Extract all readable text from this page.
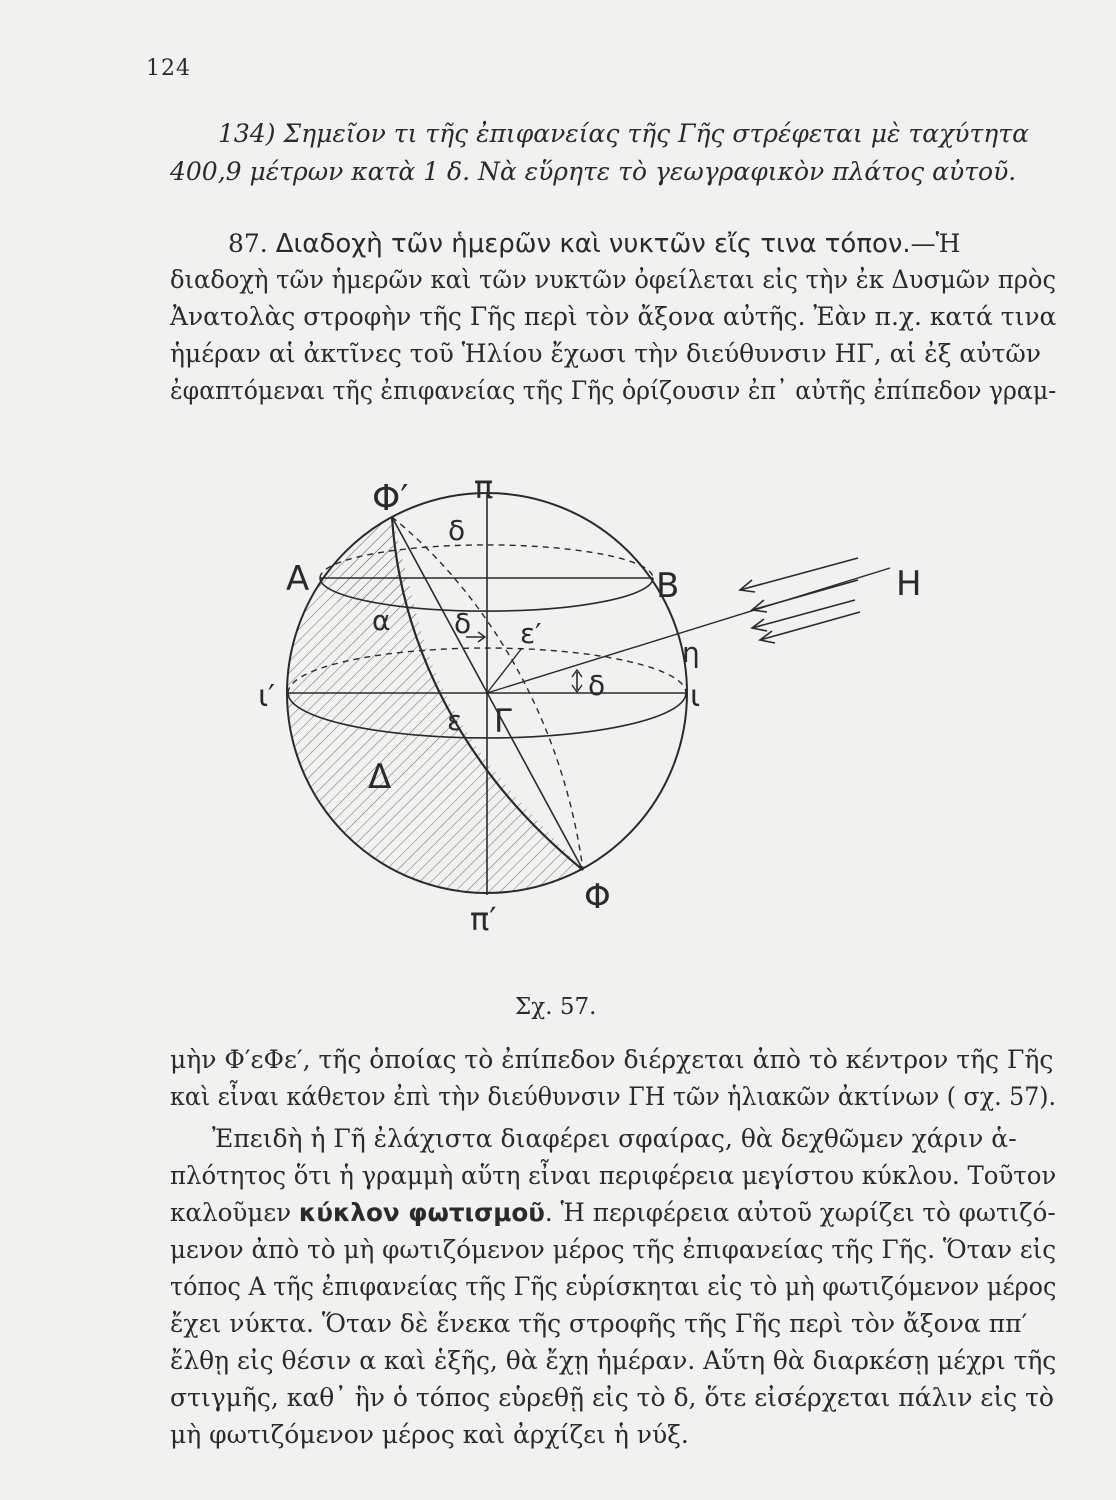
124
134) Σημεῖον τι τῆς ἐπιφανείας τῆς Γῆς στρέφεται μὲ ταχύτητα
400,9 μέτρων κατὰ 1 δ. Νὰ εὕρητε τὸ γεωγραφικὸν πλάτος αὐτοῦ.
87. Διαδοχὴ τῶν ἡμερῶν καὶ νυκτῶν εἴς τινα τόπον.—Ἡ
διαδοχὴ τῶν ἡμερῶν καὶ τῶν νυκτῶν ὀφείλεται εἰς τὴν ἐκ Δυσμῶν πρὸς
Ἀνατολὰς στροφὴν τῆς Γῆς περὶ τὸν ἄξονα αὐτῆς. Ἐὰν π.χ. κατά τινα
ἡμέραν αἱ ἀκτῖνες τοῦ Ἡλίου ἔχωσι τὴν διεύθυνσιν ΗΓ, αἱ ἐξ αὐτῶν
ἐφαπτόμεναι τῆς ἐπιφανείας τῆς Γῆς ὁρίζουσιν ἐπ᾽ αὐτῆς ἐπίπεδον γραμ-
Φ′ π
δ
Α	Β	Η
α δ ε′
η
ι′	ι
δ
ε Γ
Δ
Φ
π′
Σχ. 57.
μὴν Φ′εΦε′, τῆς ὁποίας τὸ ἐπίπεδον διέρχεται ἀπὸ τὸ κέντρον τῆς Γῆς
καὶ εἶναι κάθετον ἐπὶ τὴν διεύθυνσιν ΓΗ τῶν ἡλιακῶν ἀκτίνων ( σχ. 57).
Ἐπειδὴ ἡ Γῆ ἐλάχιστα διαφέρει σφαίρας, θὰ δεχθῶμεν χάριν ἁ-
πλότητος ὅτι ἡ γραμμὴ αὕτη εἶναι περιφέρεια μεγίστου κύκλου. Τοῦτον
καλοῦμεν κύκλον φωτισμοῦ. Ἡ περιφέρεια αὐτοῦ χωρίζει τὸ φωτιζό-
μενον ἀπὸ τὸ μὴ φωτιζόμενον μέρος τῆς ἐπιφανείας τῆς Γῆς. Ὅταν εἰς
τόπος Α τῆς ἐπιφανείας τῆς Γῆς εὑρίσκηται εἰς τὸ μὴ φωτιζόμενον μέρος
ἔχει νύκτα. Ὅταν δὲ ἕνεκα τῆς στροφῆς τῆς Γῆς περὶ τὸν ἄξονα ππ′
ἔλθῃ εἰς θέσιν α καὶ ἑξῆς, θὰ ἔχῃ ἡμέραν. Αὕτη θὰ διαρκέσῃ μέχρι τῆς
στιγμῆς, καθ᾽ ἣν ὁ τόπος εὑρεθῇ εἰς τὸ δ, ὅτε εἰσέρχεται πάλιν εἰς τὸ
μὴ φωτιζόμενον μέρος καὶ ἀρχίζει ἡ νύξ.
